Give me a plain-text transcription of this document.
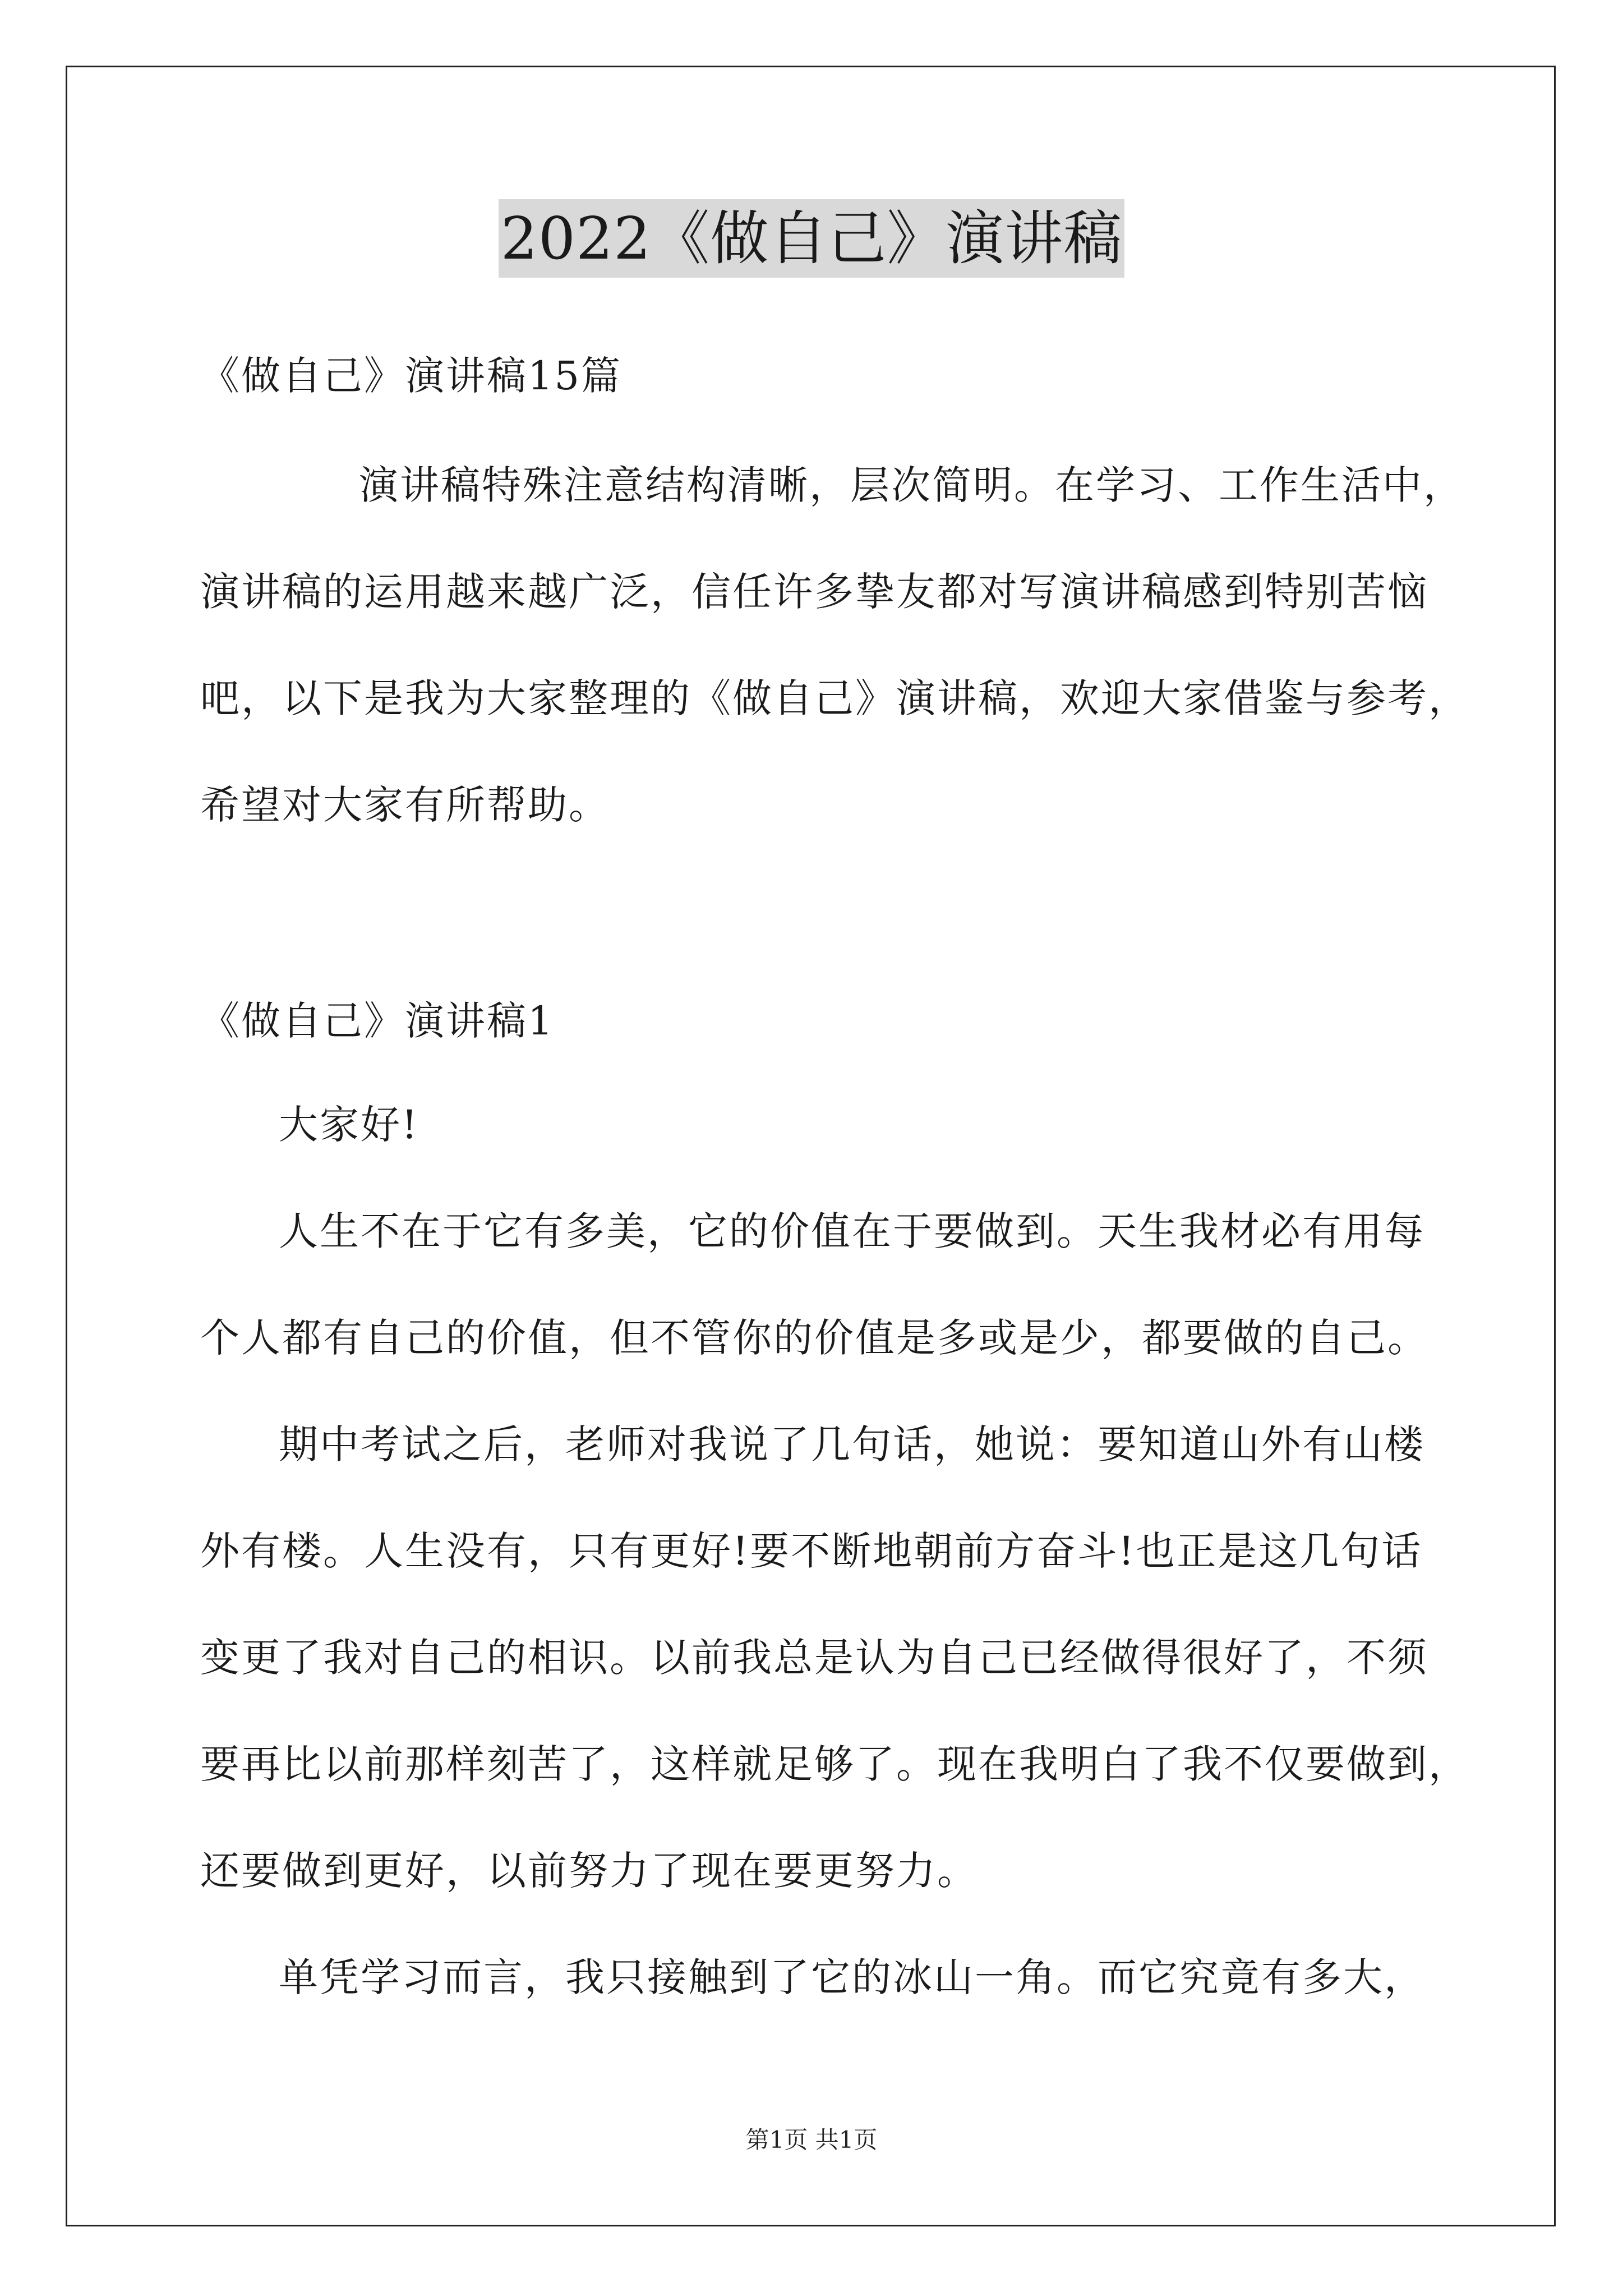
2022《做自己》演讲稿

《做自己》演讲稿15篇

演讲稿特殊注意结构清晰，层次简明。在学习、工作生活中，

演讲稿的运用越来越广泛，信任许多挚友都对写演讲稿感到特别苦恼

吧，以下是我为大家整理的《做自己》演讲稿，欢迎大家借鉴与参考，

希望对大家有所帮助。

《做自己》演讲稿1

大家好!

人生不在于它有多美，它的价值在于要做到。天生我材必有用每

个人都有自己的价值，但不管你的价值是多或是少，都要做的自己。

期中考试之后，老师对我说了几句话，她说：要知道山外有山楼

外有楼。人生没有，只有更好!要不断地朝前方奋斗!也正是这几句话

变更了我对自己的相识。以前我总是认为自己已经做得很好了，不须

要再比以前那样刻苦了，这样就足够了。现在我明白了我不仅要做到，

还要做到更好，以前努力了现在要更努力。

单凭学习而言，我只接触到了它的冰山一角。而它究竟有多大，

第1页 共1页
